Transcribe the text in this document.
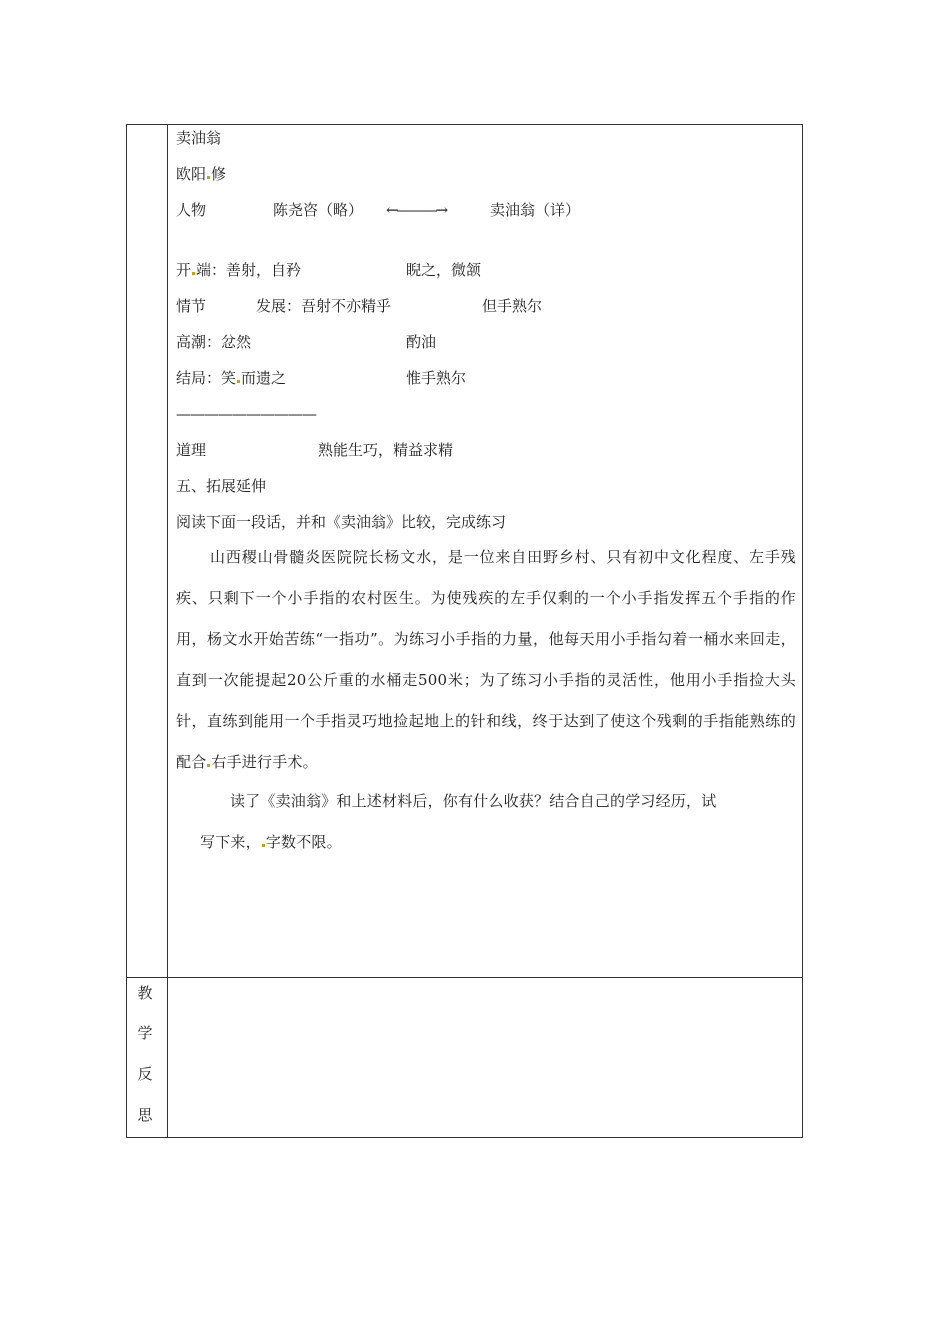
卖油翁
欧阳 修
人物	陈尧咨（略） ←———→	卖油翁（详）
开 端：善射，自矜	睨之，微颔
情节	发展：吾射不亦精乎	但手熟尔
高潮：忿然	酌油
结局：笑 而遗之	惟手熟尔
——————————
道理	熟能生巧，精益求精
五、拓展延伸
阅读下面一段话，并和《卖油翁》比较，完成练习
山西稷山骨髓炎医院院长杨文水，是一位来自田野乡村、只有初中文化程度、左手残疾、只剩下一个小手指的农村医生。为使残疾的左手仅剩的一个小手指发挥五个手指的作用，杨文水开始苦练“一指功”。为练习小手指的力量，他每天用小手指勾着一桶水来回走，直到一次能提起20公斤重的水桶走500米；为了练习小手指的灵活性，他用小手指捡大头针，直练到能用一个手指灵巧地捡起地上的针和线，终于达到了使这个残剩的手指能熟练的配合 右手进行手术。
读了《卖油翁》和上述材料后，你有什么收获？结合自己的学习经历，试
写下来， 字数不限。
教
学
反
思
